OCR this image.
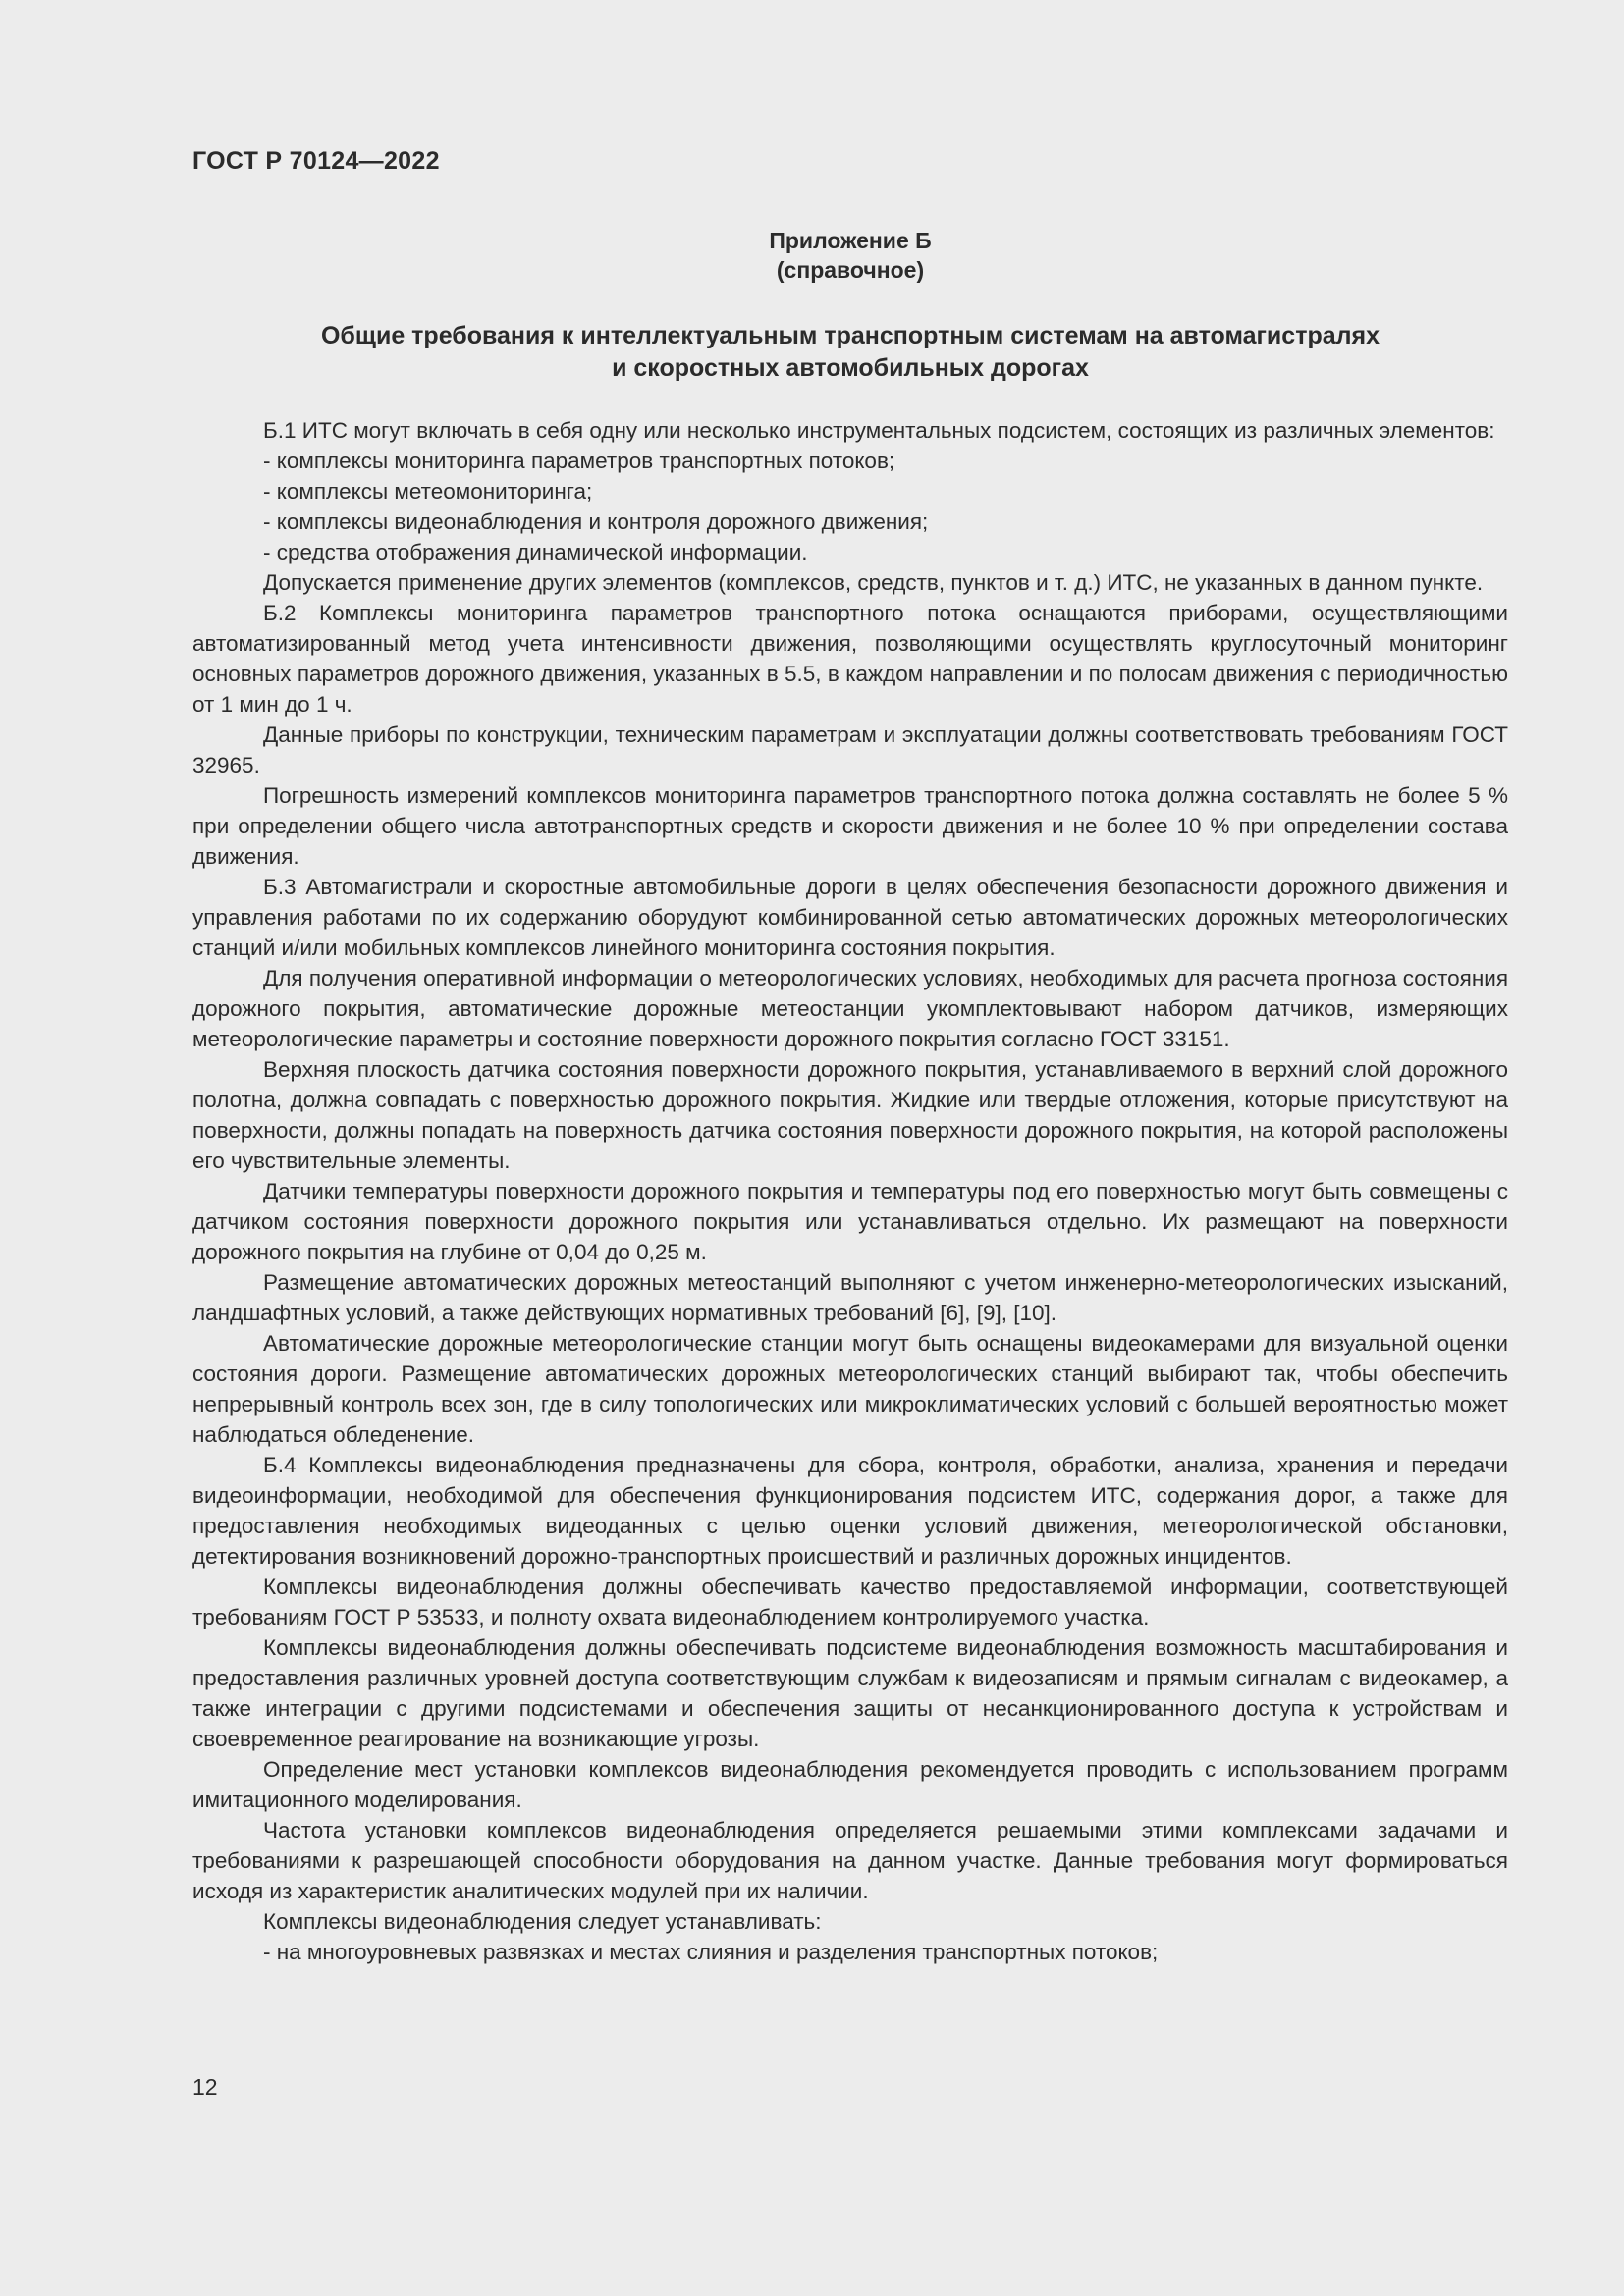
ГОСТ Р 70124—2022
Приложение Б
(справочное)
Общие требования к интеллектуальным транспортным системам на автомагистралях
и скоростных автомобильных дорогах

Б.1 ИТС могут включать в себя одну или несколько инструментальных подсистем, состоящих из различных элементов:

- комплексы мониторинга параметров транспортных потоков;

- комплексы метеомониторинга;

- комплексы видеонаблюдения и контроля дорожного движения;

- средства отображения динамической информации.

Допускается применение других элементов (комплексов, средств, пунктов и т. д.) ИТС, не указанных в данном пункте.

Б.2 Комплексы мониторинга параметров транспортного потока оснащаются приборами, осуществляющими автоматизированный метод учета интенсивности движения, позволяющими осуществлять круглосуточный мониторинг основных параметров дорожного движения, указанных в 5.5, в каждом направлении и по полосам движения с периодичностью от 1 мин до 1 ч.

Данные приборы по конструкции, техническим параметрам и эксплуатации должны соответствовать требованиям ГОСТ 32965.

Погрешность измерений комплексов мониторинга параметров транспортного потока должна составлять не более 5 % при определении общего числа автотранспортных средств и скорости движения и не более 10 % при определении состава движения.

Б.3 Автомагистрали и скоростные автомобильные дороги в целях обеспечения безопасности дорожного движения и управления работами по их содержанию оборудуют комбинированной сетью автоматических дорожных метеорологических станций и/или мобильных комплексов линейного мониторинга состояния покрытия.

Для получения оперативной информации о метеорологических условиях, необходимых для расчета прогноза состояния дорожного покрытия, автоматические дорожные метеостанции укомплектовывают набором датчиков, измеряющих метеорологические параметры и состояние поверхности дорожного покрытия согласно ГОСТ 33151.

Верхняя плоскость датчика состояния поверхности дорожного покрытия, устанавливаемого в верхний слой дорожного полотна, должна совпадать с поверхностью дорожного покрытия. Жидкие или твердые отложения, которые присутствуют на поверхности, должны попадать на поверхность датчика состояния поверхности дорожного покрытия, на которой расположены его чувствительные элементы.

Датчики температуры поверхности дорожного покрытия и температуры под его поверхностью могут быть совмещены с датчиком состояния поверхности дорожного покрытия или устанавливаться отдельно. Их размещают на поверхности дорожного покрытия на глубине от 0,04 до 0,25 м.

Размещение автоматических дорожных метеостанций выполняют с учетом инженерно-метеорологических изысканий, ландшафтных условий, а также действующих нормативных требований [6], [9], [10].

Автоматические дорожные метеорологические станции могут быть оснащены видеокамерами для визуальной оценки состояния дороги. Размещение автоматических дорожных метеорологических станций выбирают так, чтобы обеспечить непрерывный контроль всех зон, где в силу топологических или микроклиматических условий с большей вероятностью может наблюдаться обледенение.

Б.4 Комплексы видеонаблюдения предназначены для сбора, контроля, обработки, анализа, хранения и передачи видеоинформации, необходимой для обеспечения функционирования подсистем ИТС, содержания дорог, а также для предоставления необходимых видеоданных с целью оценки условий движения, метеорологической обстановки, детектирования возникновений дорожно-транспортных происшествий и различных дорожных инцидентов.

Комплексы видеонаблюдения должны обеспечивать качество предоставляемой информации, соответствующей требованиям ГОСТ Р 53533, и полноту охвата видеонаблюдением контролируемого участка.

Комплексы видеонаблюдения должны обеспечивать подсистеме видеонаблюдения возможность масштабирования и предоставления различных уровней доступа соответствующим службам к видеозаписям и прямым сигналам с видеокамер, а также интеграции с другими подсистемами и обеспечения защиты от несанкционированного доступа к устройствам и своевременное реагирование на возникающие угрозы.

Определение мест установки комплексов видеонаблюдения рекомендуется проводить с использованием программ имитационного моделирования.

Частота установки комплексов видеонаблюдения определяется решаемыми этими комплексами задачами и требованиями к разрешающей способности оборудования на данном участке. Данные требования могут формироваться исходя из характеристик аналитических модулей при их наличии.

Комплексы видеонаблюдения следует устанавливать:

- на многоуровневых развязках и местах слияния и разделения транспортных потоков;

12
